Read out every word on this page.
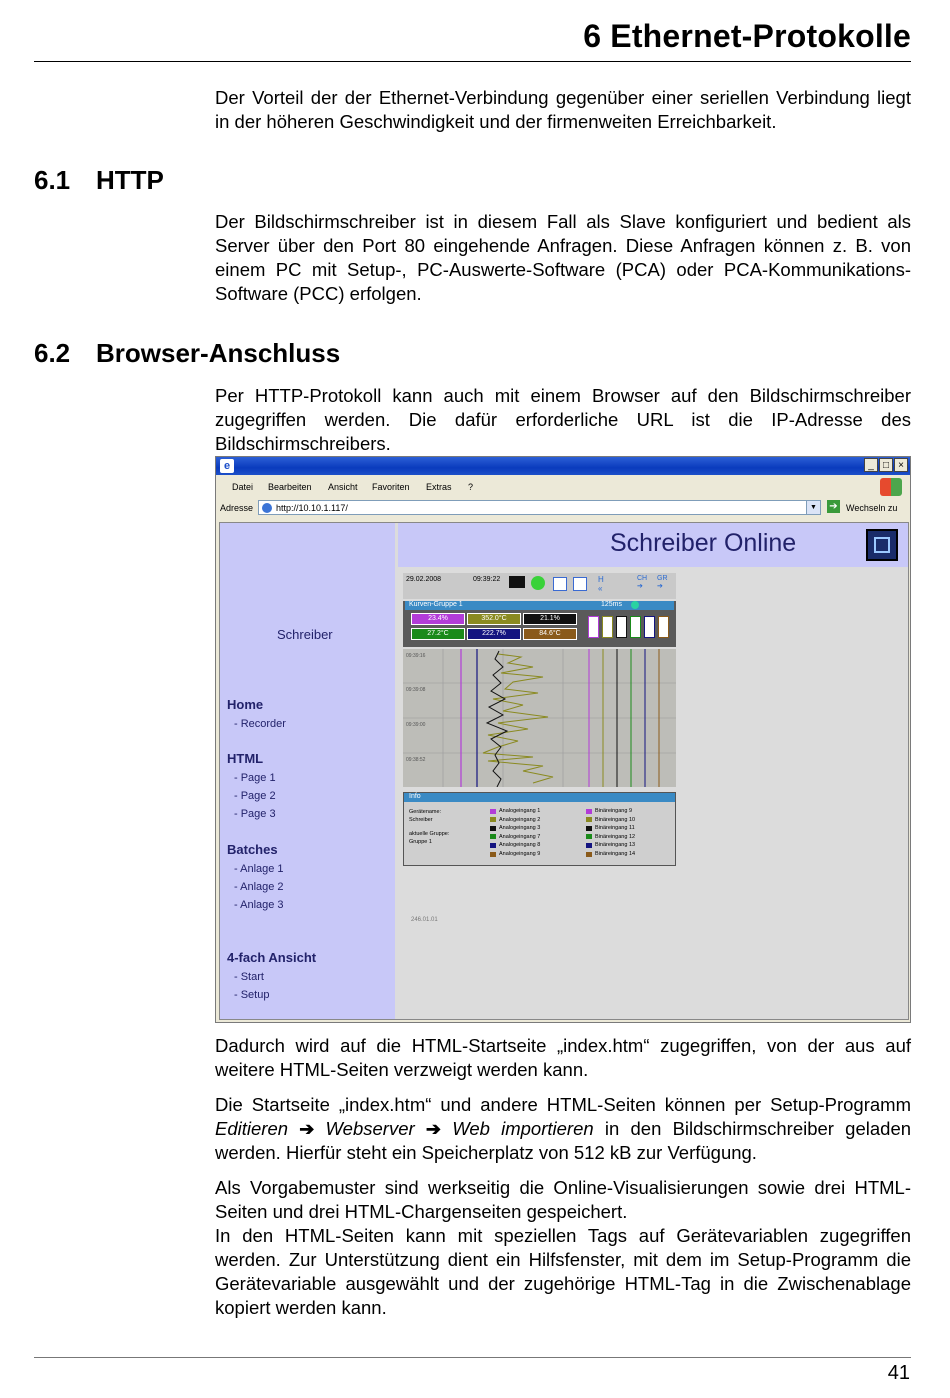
6 Ethernet-Protokolle
Der Vorteil der der Ethernet-Verbindung gegenüber einer seriellen Verbindung liegt in der höheren Geschwindigkeit und der firmenweiten Erreichbarkeit.
6.1 HTTP
Der Bildschirmschreiber ist in diesem Fall als Slave konfiguriert und bedient als Server über den Port 80 eingehende Anfragen. Diese Anfragen können z. B. von einem PC mit Setup-, PC-Auswerte-Software (PCA) oder PCA-Kommunikations-Software (PCC) erfolgen.
6.2 Browser-Anschluss
Per HTTP-Protokoll kann auch mit einem Browser auf den Bildschirmschreiber zugegriffen werden. Die dafür erforderliche URL ist die IP-Adresse des Bildschirmschreibers.
e	_ □ ×
Datei Bearbeiten Ansicht Favoriten Extras ?
Adresse	http://10.10.1.117/	▼	➔ Wechseln zu
Schreiber
Home
- Recorder
HTML
- Page 1
- Page 2
- Page 3
Batches
- Anlage 1
- Anlage 2
- Anlage 3
4-fach Ansicht
- Start
- Setup
Schreiber Online
29.02.2008	09:39:22	H
«
CH
➔
GR
➔
Kurven-Gruppe 1	125ms
23.4%	352.0°C	21.1%
27.2°C	222.7%	84.6°C
09:39:16
09:39:08
09:39:00
09:38:52
Info
Gerätename:
Schreiber
aktuelle Gruppe:
Gruppe 1
Analogeingang 1
Analogeingang 2
Analogeingang 3
Analogeingang 7
Analogeingang 8
Analogeingang 9
Binäreingang 9
Binäreingang 10
Binäreingang 11
Binäreingang 12
Binäreingang 13
Binäreingang 14
246.01.01
Dadurch wird auf die HTML-Startseite „index.htm“ zugegriffen, von der aus auf weitere HTML-Seiten verzweigt werden kann.
Die Startseite „index.htm“ und andere HTML-Seiten können per Setup-Programm Editieren ➔ Webserver ➔ Web importieren in den Bildschirmschreiber geladen werden. Hierfür steht ein Speicherplatz von 512 kB zur Verfügung.
Als Vorgabemuster sind werkseitig die Online-Visualisierungen sowie drei HTML-Seiten und drei HTML-Chargenseiten gespeichert.
In den HTML-Seiten kann mit speziellen Tags auf Gerätevariablen zugegriffen werden. Zur Unterstützung dient ein Hilfsfenster, mit dem im Setup-Programm die Gerätevariable ausgewählt und der zugehörige HTML-Tag in die Zwischenablage kopiert werden kann.
41
